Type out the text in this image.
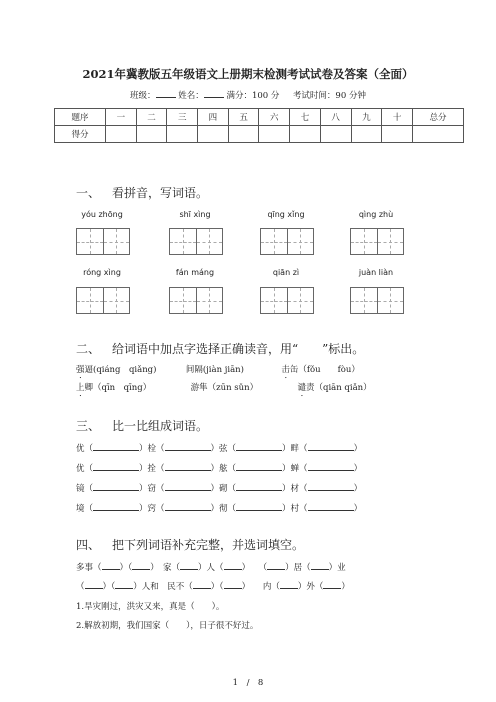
2021年冀教版五年级语文上册期末检测考试试卷及答案（全面）
班级：	姓名：	满分：100 分 考试时间：90 分钟
题序	一	二	三	四	五	六	七	八	九	十	总分
得分											
一、 看拼音，写词语。
yóu zhōng	shī xìng	qīng xǐng	qìng zhù
róng xìng	fán máng	qiān zì	juàn liàn
二、 给词语中加点字选择正确读音，用“　　”标出。
强逼(qiáng　qiǎng)	间隔(jiàn jiān)	击缶（fǒu　　fòu）
上卿（qīn　qīng）	游隼（zūn sǔn）	谴责（qiān qiǎn）
三、 比一比组成词语。
优（	）栓（	）弦（	）畔（	）
优（	）拴（	）舷（	）蝉（	）
镜（	）窃（	）砌（	）材（	）
境（	）窍（	）彻（	）村（	）
四、 把下列词语补充完整，并选词填空。
多事（ ）（ ）　家（ ）人（ ）　　（ ）居（ ）业
（ ）（ ）人和　民不（ ）（ ）　　内（ ）外（ ）
1.旱灾刚过，洪灾又来，真是（　　）。
2.解放初期，我们国家（　　），日子很不好过。
1　/　8
